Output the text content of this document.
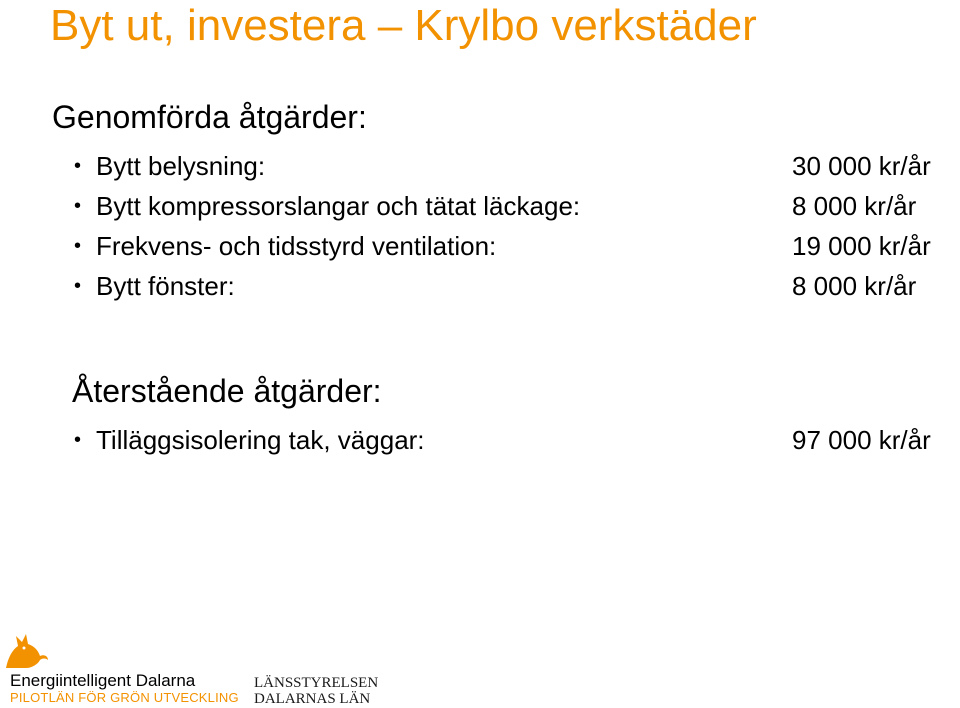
Byt ut, investera – Krylbo verkstäder
Genomförda åtgärder:
• Bytt belysning:	30 000 kr/år
• Bytt kompressorslangar och tätat läckage:	8 000 kr/år
• Frekvens- och tidsstyrd ventilation:	19 000 kr/år
• Bytt fönster:	8 000 kr/år
Återstående åtgärder:
• Tilläggsisolering tak, väggar:	97 000 kr/år
Energiintelligent Dalarna
PILOTLÄN FÖR GRÖN UTVECKLING
LÄNSSTYRELSEN
DALARNAS LÄN
